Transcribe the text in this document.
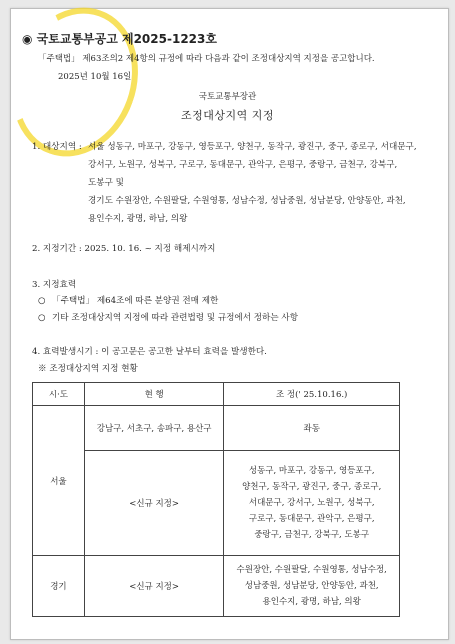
◉ 국토교통부공고 제2025-1223호
「주택법」 제63조의2 제4항의 규정에 따라 다음과 같이 조정대상지역 지정을 공고합니다.
2025년 10월 16일
국토교통부장관
조정대상지역 지정
1. 대상지역 : 서울 성동구, 마포구, 강동구, 영등포구, 양천구, 동작구, 광진구, 중구, 종로구, 서대문구,
강서구, 노원구, 성북구, 구로구, 동대문구, 관악구, 은평구, 중랑구, 금천구, 강북구,
도봉구 및
경기도 수원장안, 수원팔달, 수원영통, 성남수정, 성남중원, 성남분당, 안양동안, 과천,
용인수지, 광명, 하남, 의왕
2. 지정기간 : 2025. 10. 16. ~ 지정 해제시까지
3. 지정효력
○ 「주택법」 제64조에 따른 분양권 전매 제한
○ 기타 조정대상지역 지정에 따라 관련법령 및 규정에서 정하는 사항
4. 효력발생시기 : 이 공고문은 공고한 날부터 효력을 발생한다.
※ 조정대상지역 지정 현황
시·도	현 행	조 정(' 25.10.16.)
서울	강남구, 서초구, 송파구, 용산구	좌동
	<신규 지정>	성동구, 마포구, 강동구, 영등포구,
양천구, 동작구, 광진구, 중구, 종로구,
서대문구, 강서구, 노원구, 성북구,
구로구, 동대문구, 관악구, 은평구,
중랑구, 금천구, 강북구, 도봉구

경기	<신규 지정>	수원장안, 수원팔달, 수원영통, 성남수정,
성남중원, 성남분당, 안양동안, 과천,
용인수지, 광명, 하남, 의왕
